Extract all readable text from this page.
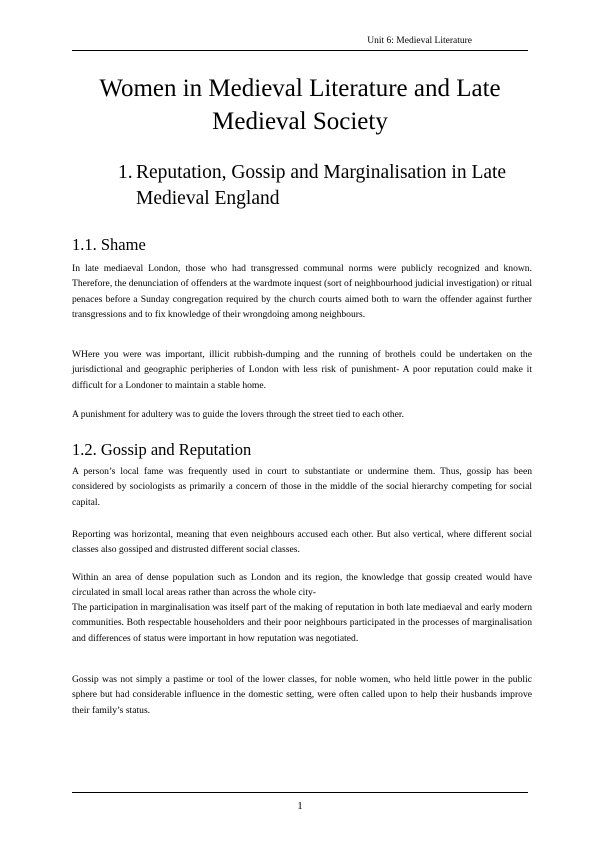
Unit 6: Medieval Literature
Women in Medieval Literature and Late Medieval Society
1. Reputation, Gossip and Marginalisation in Late Medieval England
1.1. Shame

In late mediaeval London, those who had transgressed communal norms were publicly recognized and known. Therefore, the denunciation of offenders at the wardmote inquest (sort of neighbourhood judicial investigation) or ritual penaces before a Sunday congregation required by the church courts aimed both to warn the offender against further transgressions and to fix knowledge of their wrongdoing among neighbours.

WHere you were was important, illicit rubbish-dumping and the running of brothels could be undertaken on the jurisdictional and geographic peripheries of London with less risk of punishment- A poor reputation could make it difficult for a Londoner to maintain a stable home.

A punishment for adultery was to guide the lovers through the street tied to each other.

1.2. Gossip and Reputation

A person’s local fame was frequently used in court to substantiate or undermine them. Thus, gossip has been considered by sociologists as primarily a concern of those in the middle of the social hierarchy competing for social capital.

Reporting was horizontal, meaning that even neighbours accused each other. But also vertical, where different social classes also gossiped and distrusted different social classes.

Within an area of dense population such as London and its region, the knowledge that gossip created would have circulated in small local areas rather than across the whole city-

The participation in marginalisation was itself part of the making of reputation in both late mediaeval and early modern communities. Both respectable householders and their poor neighbours participated in the processes of marginalisation and differences of status were important in how reputation was negotiated.

Gossip was not simply a pastime or tool of the lower classes, for noble women, who held little power in the public sphere but had considerable influence in the domestic setting, were often called upon to help their husbands improve their family’s status.

1
